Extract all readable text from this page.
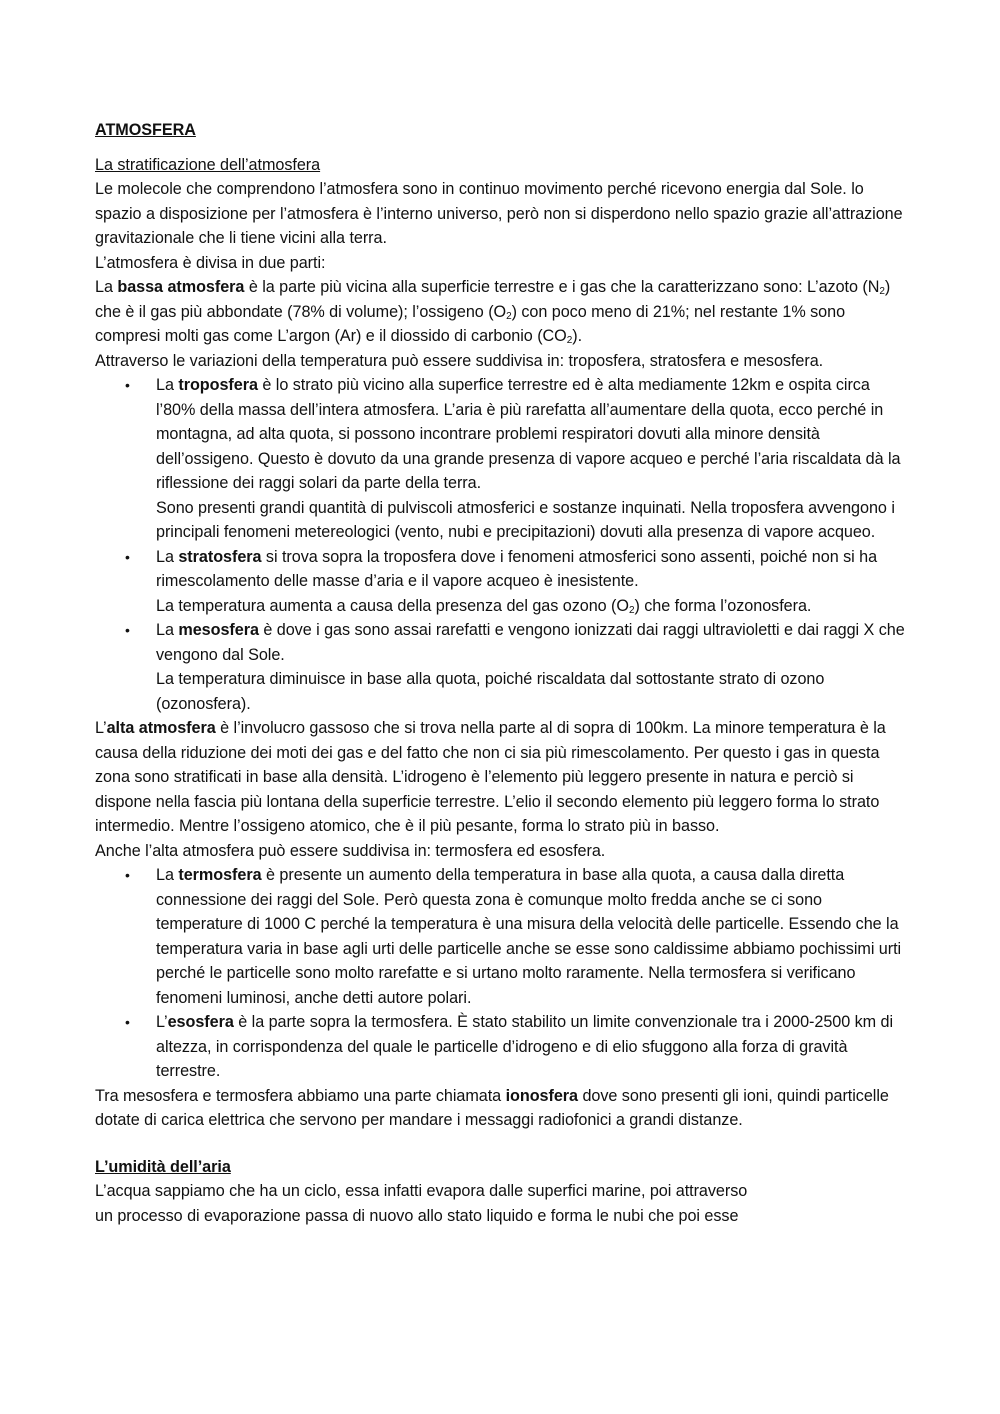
ATMOSFERA

La stratificazione dell’atmosfera

Le molecole che comprendono l’atmosfera sono in continuo movimento perché ricevono energia dal Sole. lo spazio a disposizione per l’atmosfera è l’interno universo, però non si disperdono nello spazio grazie all’attrazione gravitazionale che li tiene vicini alla terra.

L’atmosfera è divisa in due parti:

La bassa atmosfera è la parte più vicina alla superficie terrestre e i gas che la caratterizzano sono: L’azoto $(N_2)$ che è il gas più abbondate (78% di volume); l’ossigeno $(O_2)$ con poco meno di 21%; nel restante 1% sono compresi molti gas come L’argon (Ar) e il diossido di carbonio $(CO_2)$.

Attraverso le variazioni della temperatura può essere suddivisa in: troposfera, stratosfera e mesosfera.

• La troposfera è lo strato più vicino alla superfice terrestre ed è alta mediamente 12km e ospita circa l’80% della massa dell’intera atmosfera. L’aria è più rarefatta all’aumentare della quota, ecco perché in montagna, ad alta quota, si possono incontrare problemi respiratori dovuti alla minore densità dell’ossigeno. Questo è dovuto da una grande presenza di vapore acqueo e perché l’aria riscaldata dà la riflessione dei raggi solari da parte della terra.
Sono presenti grandi quantità di pulviscoli atmosferici e sostanze inquinati. Nella troposfera avvengono i principali fenomeni metereologici (vento, nubi e precipitazioni) dovuti alla presenza di vapore acqueo.
• La stratosfera si trova sopra la troposfera dove i fenomeni atmosferici sono assenti, poiché non si ha rimescolamento delle masse d’aria e il vapore acqueo è inesistente.
La temperatura aumenta a causa della presenza del gas ozono $(O_2)$ che forma l’ozonosfera.
• La mesosfera è dove i gas sono assai rarefatti e vengono ionizzati dai raggi ultravioletti e dai raggi X che vengono dal Sole.
La temperatura diminuisce in base alla quota, poiché riscaldata dal sottostante strato di ozono (ozonosfera).

L’alta atmosfera è l’involucro gassoso che si trova nella parte al di sopra di 100km. La minore temperatura è la causa della riduzione dei moti dei gas e del fatto che non ci sia più rimescolamento. Per questo i gas in questa zona sono stratificati in base alla densità. L’idrogeno è l’elemento più leggero presente in natura e perciò si dispone nella fascia più lontana della superficie terrestre. L’elio il secondo elemento più leggero forma lo strato intermedio. Mentre l’ossigeno atomico, che è il più pesante, forma lo strato più in basso.

Anche l’alta atmosfera può essere suddivisa in: termosfera ed esosfera.

• La termosfera è presente un aumento della temperatura in base alla quota, a causa dalla diretta connessione dei raggi del Sole. Però questa zona è comunque molto fredda anche se ci sono temperature di 1000 C perché la temperatura è una misura della velocità delle particelle. Essendo che la temperatura varia in base agli urti delle particelle anche se esse sono caldissime abbiamo pochissimi urti perché le particelle sono molto rarefatte e si urtano molto raramente. Nella termosfera si verificano fenomeni luminosi, anche detti autore polari.
• L’esosfera è la parte sopra la termosfera. È stato stabilito un limite convenzionale tra i 2000-2500 km di altezza, in corrispondenza del quale le particelle d’idrogeno e di elio sfuggono alla forza di gravità terrestre.

Tra mesosfera e termosfera abbiamo una parte chiamata ionosfera dove sono presenti gli ioni, quindi particelle dotate di carica elettrica che servono per mandare i messaggi radiofonici a grandi distanze.

L’umidità dell’aria

L’acqua sappiamo che ha un ciclo, essa infatti evapora dalle superfici marine, poi attraverso

un processo di evaporazione passa di nuovo allo stato liquido e forma le nubi che poi esse
